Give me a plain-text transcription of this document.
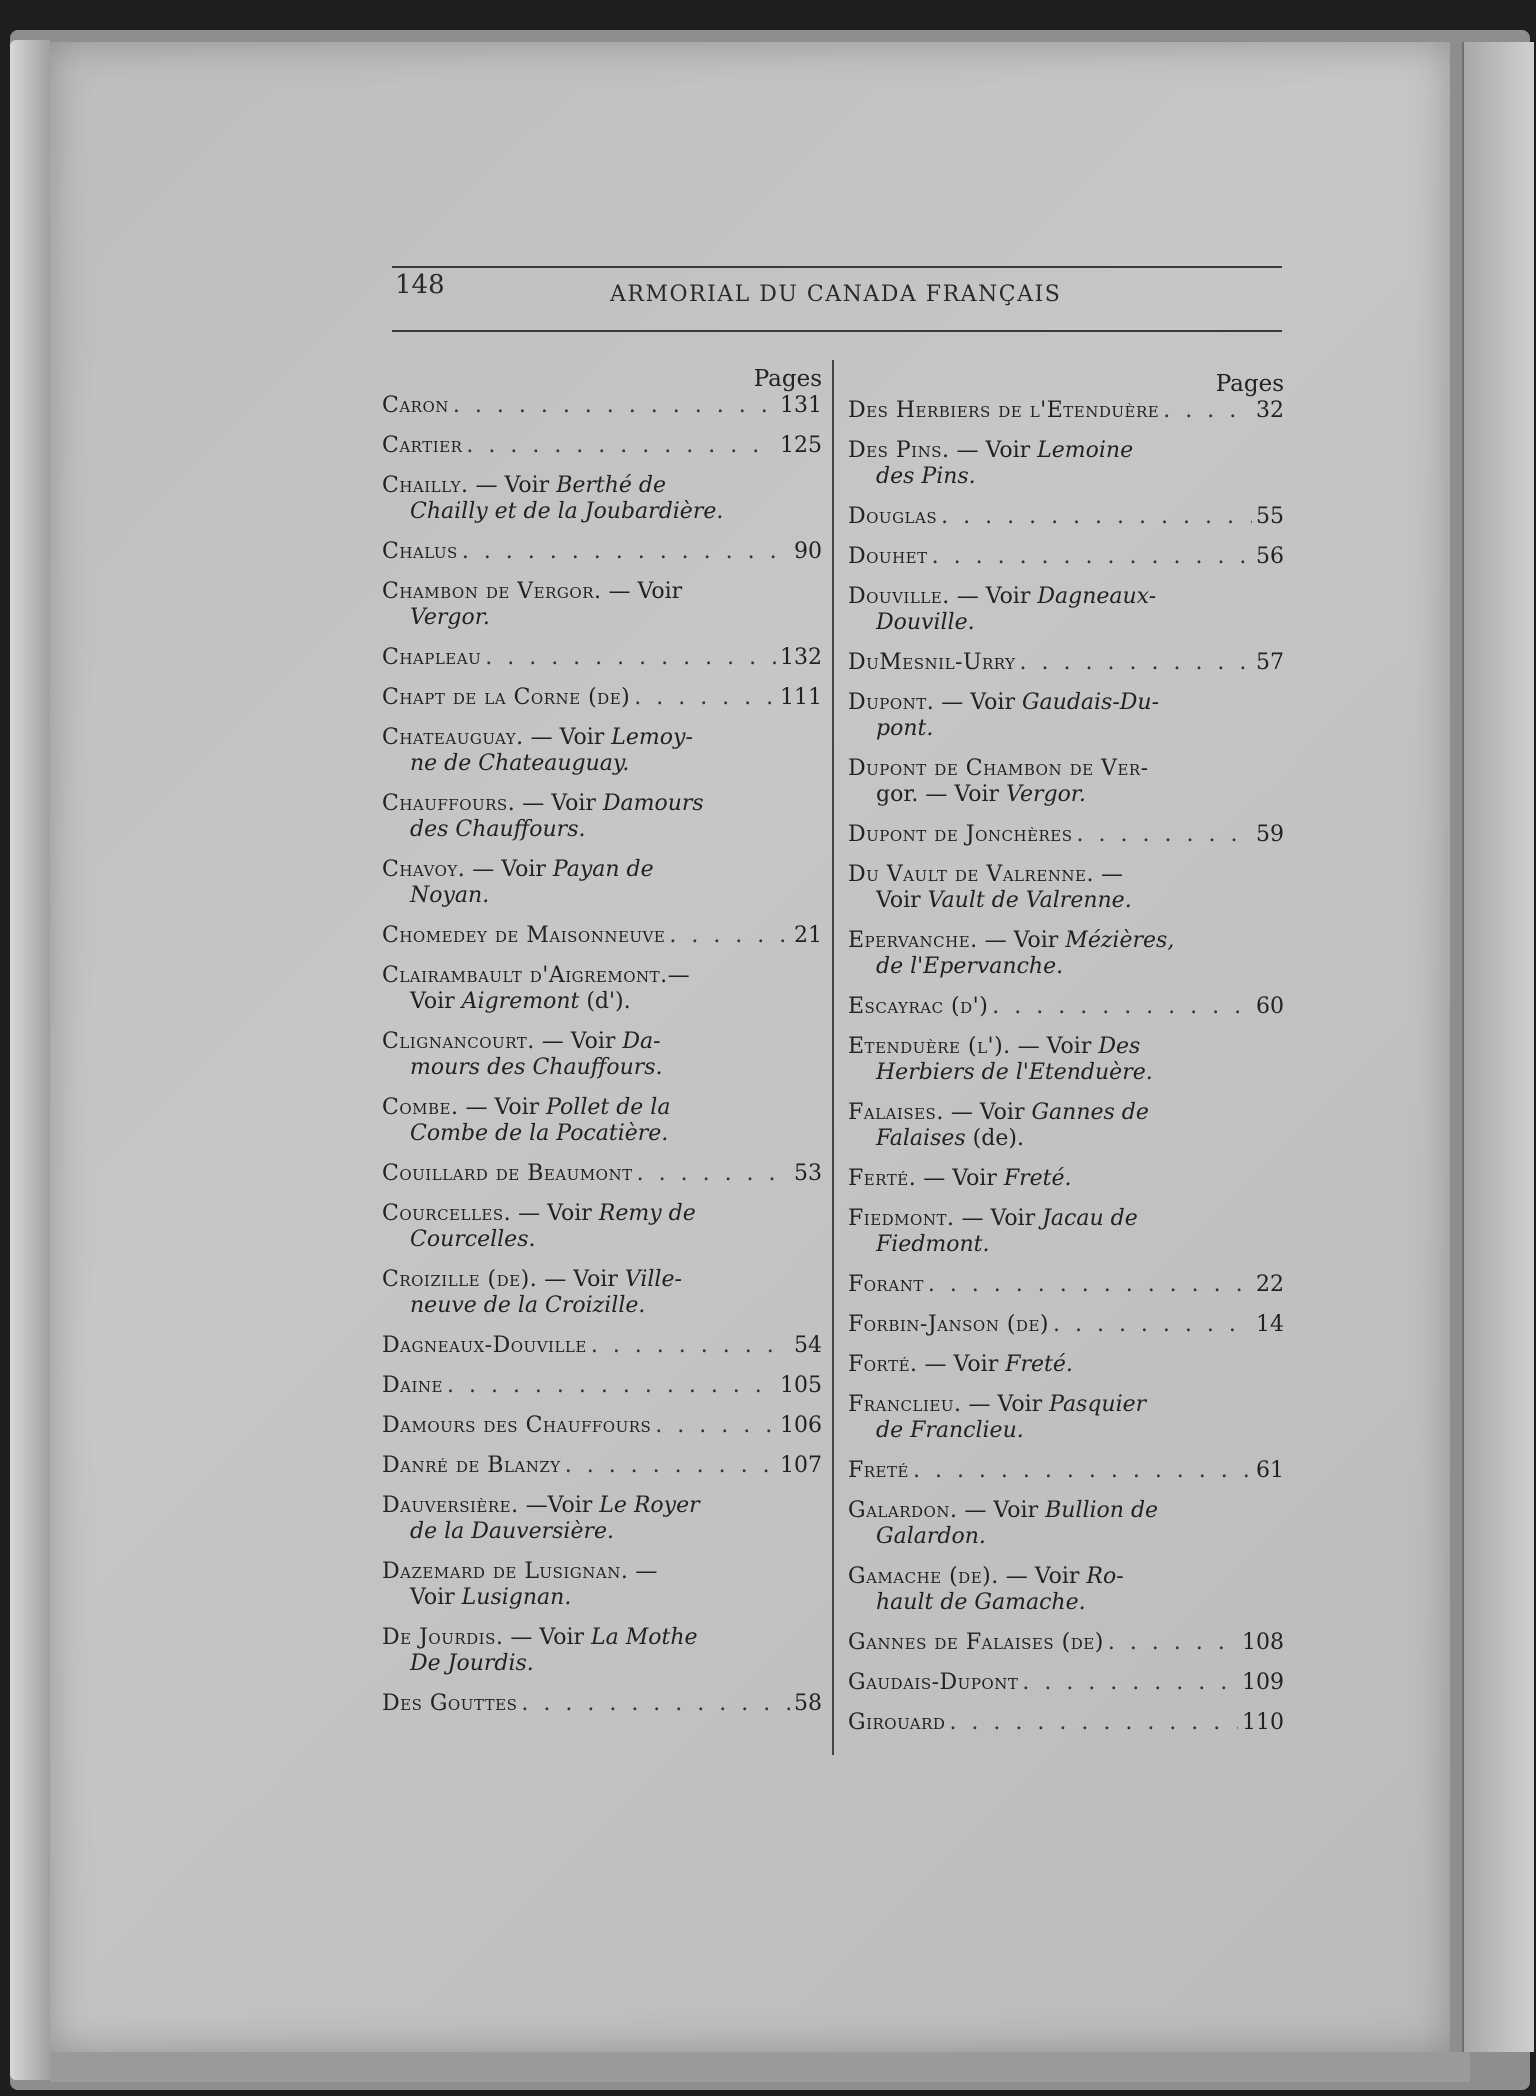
148	ARMORIAL DU CANADA FRANÇAIS
Pages
Caron . . .	131
Cartier . . .	125
Chailly. — Voir Berthé de
Chailly et de la Joubardière.
Chalus . . .	90
Chambon de Vergor. — Voir
Vergor.
Chapleau . . .	132
Chapt de la Corne (de) . . .	111
Chateauguay. — Voir Lemoy-
ne de Chateauguay.
Chauffours. — Voir Damours
des Chauffours.
Chavoy. — Voir Payan de
Noyan.
Chomedey de Maisonneuve . . .	21
Clairambault d'Aigremont.—
Voir Aigremont (d').
Clignancourt. — Voir Da-
mours des Chauffours.
Combe. — Voir Pollet de la
Combe de la Pocatière.
Couillard de Beaumont . . .	53
Courcelles. — Voir Remy de
Courcelles.
Croizille (de). — Voir Ville-
neuve de la Croizille.
Dagneaux-Douville . . .	54
Daine . . .	105
Damours des Chauffours . . .	106
Danré de Blanzy . . .	107
Dauversière. —Voir Le Royer
de la Dauversière.
Dazemard de Lusignan. —
Voir Lusignan.
De Jourdis. — Voir La Mothe
De Jourdis.
Des Gouttes . . .	58
Pages
Des Herbiers de l'Etenduère . . .	32
Des Pins. — Voir Lemoine
des Pins.
Douglas . . .	55
Douhet . . .	56
Douville. — Voir Dagneaux-
Douville.
DuMesnil-Urry . . .	57
Dupont. — Voir Gaudais-Du-
pont.
Dupont de Chambon de Ver-
gor. — Voir Vergor.
Dupont de Jonchères . . .	59
Du Vault de Valrenne. —
Voir Vault de Valrenne.
Epervanche. — Voir Mézières,
de l'Epervanche.
Escayrac (d') . . .	60
Etenduère (l'). — Voir Des
Herbiers de l'Etenduère.
Falaises. — Voir Gannes de
Falaises (de).
Ferté. — Voir Freté.
Fiedmont. — Voir Jacau de
Fiedmont.
Forant . . .	22
Forbin-Janson (de) . . .	14
Forté. — Voir Freté.
Franclieu. — Voir Pasquier
de Franclieu.
Freté . . .	61
Galardon. — Voir Bullion de
Galardon.
Gamache (de). — Voir Ro-
hault de Gamache.
Gannes de Falaises (de) . . .	108
Gaudais-Dupont . . .	109
Girouard . . .	110
